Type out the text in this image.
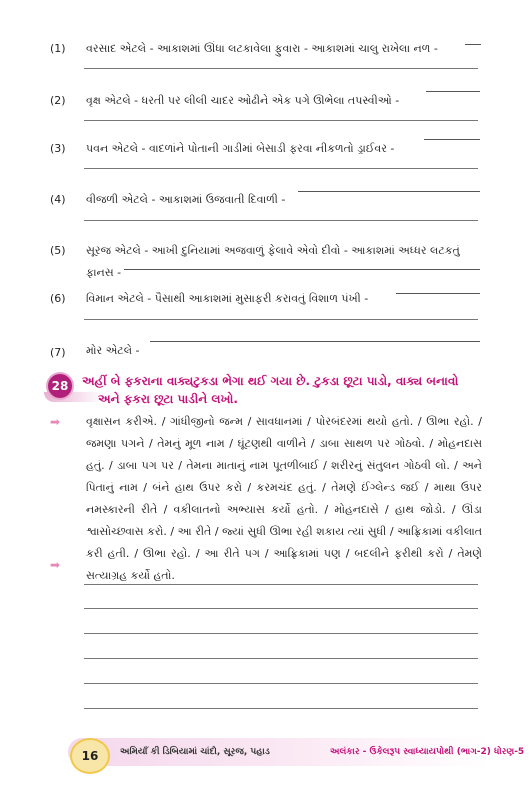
(1) વરસાદ એટલે - આકાશમાં ઊંધા લટકાવેલા ફુવારા - આકાશમાં ચાલુ રાખેલા નળ -
(2) વૃક્ષ એટલે - ધરતી પર લીલી ચાદર ઓઢીને એક પગે ઊભેલા તપસ્વીઓ -
(3) પવન એટલે - વાદળાંને પોતાની ગાડીમાં બેસાડી ફરવા નીકળતો ડ્રાઈવર -
(4) વીજળી એટલે - આકાશમાં ઉજવાતી દિવાળી -
(5) સૂરજ એટલે - આખી દુનિયામાં અજવાળું ફેલાવે એવો દીવો - આકાશમાં અધ્ધર લટકતું
ફાનસ -
(6) વિમાન એટલે - પૈસાથી આકાશમાં મુસાફરી કરાવતું વિશાળ પંખી -
(7) મોર એટલે -
28	અહીં બે ફકરાના વાક્યટુકડા ભેગા થઈ ગયા છે. ટુકડા છૂટા પાડો, વાક્ય બનાવો
અને ફકરા છૂટા પાડીને લખો.
➡ વૃક્ષાસન કરીએ. / ગાંધીજીનો જન્મ / સાવધાનમાં / પોરબંદરમાં થયો હતો. / ઊભા રહો. / જમણા પગને / તેમનું મૂળ નામ / ઘૂંટણથી વાળીને / ડાબા સાથળ પર ગોઠવો. / મોહનદાસ હતું. / ડાબા પગ પર / તેમના માતાનું નામ પૂતળીબાઈ / શરીરનું સંતુલન ગોઠવી લો. / અને પિતાનું નામ / બંને હાથ ઉપર કરો / કરમચંદ હતું. / તેમણે ઈંગ્લેન્ડ જઈ / માથા ઉપર નમસ્કારની રીતે / વકીલાતનો અભ્યાસ કર્યો હતો. / મોહનદાસે / હાથ જોડો. / ઊંડા શ્વાસોચ્છ્વાસ કરો. / આ રીતે / જ્યાં સુધી ઊભા રહી શકાય ત્યાં સુધી / આફ્રિકામાં વકીલાત કરી હતી. / ઊભા રહો. / આ રીતે પગ / આફ્રિકામાં પણ / બદલીને ફરીથી કરો / તેમણે સત્યાગ્રહ કર્યો હતો.
➡
16	અમિયાઁ કી ડિબિયામાં ચાંદો, સૂરજ, પહાડ	અલંકાર - ઉકેલરૂપ સ્વાધ્યાયપોથી (ભાગ-2) ધોરણ-5
